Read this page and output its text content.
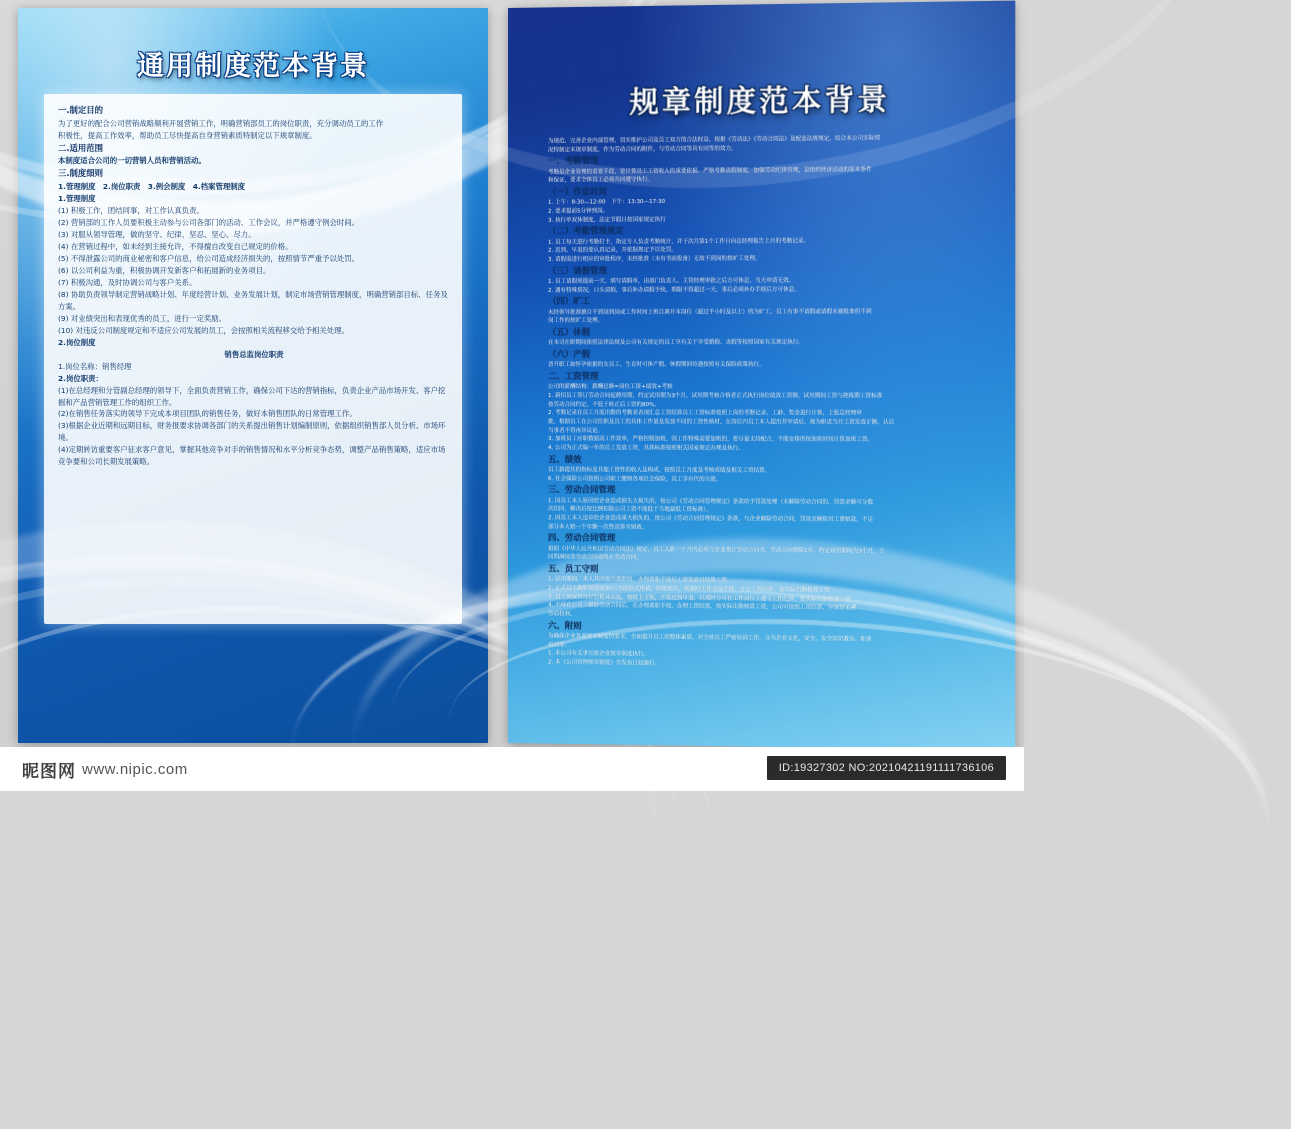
通用制度范本背景

一.制定目的

为了更好的配合公司营销战略顺利开展营销工作，明确营销部员工的岗位职责，充分调动员工的工作

积极性，提高工作效率，帮助员工尽快提高自身营销素质特制定以下规章制度。

二.适用范围

本制度适合公司的一切营销人员和营销活动。

三.制度细则

1.管理制度　2.岗位职责　3.例会制度　4.档案管理制度

1.管理制度

(1) 积极工作，团结同事，对工作认真负责。

(2) 营销部的工作人员要积极主动参与公司各部门的活动、工作会议，并严格遵守例会时间。

(3) 对服从领导管理，做的坚守、纪律、坚忍、坚心、尽力。

(4) 在营销过程中，如未经到主接允许，不得擅自改变自己规定的价格。

(5) 不得泄露公司的商业秘密和客户信息，给公司造成经济损失的，按照情节严重予以处罚。

(6) 以公司利益为重，积极协调开发新客户和拓展新的业务项目。

(7) 积极沟通，及时协调公司与客户关系。

(8) 协助负责领导制定营销战略计划、年度经营计划、业务发展计划，制定市场营销管理制度，明确营销部目标、任务及方案。

(9) 对业绩突出和表现优秀的员工，进行一定奖励。

(10) 对违反公司制度规定和不适应公司发展的员工，会按照相关流程移交给予相关处理。

2.岗位制度

销售总监岗位职责

1.岗位名称：销售经理

2.岗位职责：

(1)在总经理和分管副总经理的领导下，全面负责营销工作，确保公司下达的营销指标，负责企业产品市场开发、客户挖掘和产品营销管理工作的组织工作。

(2)在销售任务落实的领导下完成本项目团队的销售任务，做好本销售团队的日常管理工作。

(3)根据企业近期和远期目标，财务报要求协调各部门的关系提出销售计划编制原则，依据组织销售部人员分析、市场环境。

(4)定期转访重要客户征求客户意见，掌握其他竞争对手的销售情况和水平分析竞争态势，调整产品销售策略，适应市场竞争要和公司长期发展策略。

规章制度范本背景

为规范、完善企业内部管理，切实维护公司及员工双方的合法权益，根据《劳动法》《劳动合同法》及配套法规规定，结合本公司实际情

况特制定本规章制度，作为劳动合同的附件，与劳动合同等具有同等的效力。

一、考勤管理

考勤是企业管理的重要手段，是计算员工工资收入的重要依据。严格考勤请假制度，加强劳动纪律管理，是组织经济活动的基本条件

和保证，要求全体员工必须共同遵守执行。

（一）作息时间

1. 上午：8:30—12:00　下午：13:30—17:30

2. 要求提前5分钟到岗。

3. 执行单双休制度，法定节假日按国家规定执行

（二）考勤管理规定

1. 员工每天进行考勤打卡，指定专人负责考勤统计，并于次月第1个工作日向总经理报告上月的考勤记录。

2. 迟到、早退的要认真记录，并依据规定予以处罚。

3. 请假需进行相应的审批程序，未经批准（未有书面报备）无故不到岗的按旷工处理。

（三）请假管理

1. 员工请假须提前一天，填写请假单，由部门负责人、主管经理审批之后方可休息，当天申请无效。

2. 遇有特殊情况，口头请假，事后补办请假手续，期限不得超过一天，事后必须补办手续后方可休息。

（四）旷工

未经领导批准擅自不到岗到岗或工作时间上班自离开本岗位（超过半小时及以上）的为旷工。员工有事不请假或请假未被批准但不到

岗工作的按旷工处理。

（五）休假

在本司在职期间依照法律法规及公司有关规定的员工享有关于享受婚假、丧假等按照国家有关规定执行。

（六）产假

晋升职工如怀孕依据的女员工，生育时可休产假、休假期间待遇按照有关保险政策执行。

二、工资管理

公司的薪酬结构：薪酬总额=岗位工资+绩效+考核

1. 新招员工签订劳动合同起聘用期，约定试用期为3个月，试用期考核合格者正式执行岗位绩效工资制，试用期间工资与熟练期工资标准

按劳动合同约定，不低于转正后工资的80%。

2. 考勤记录在员工月度出勤的考勤表表现汇总工资结算员工工资标准按照上岗的考勤记录、工龄、奖金进行计算，上报总经理审

批。根据员工在公司任职及员工的具体工作量及发放不同的工资性核材，在岗位内员工本人提出并申请后，视为职责当月工资发放正额，认后

当事者不得再异议论。

3. 加班员工应职数据高工作效率，严格控制加班，因工作特殊需要加班的，要尽量支持配合，不能安排的按加班时间计算加班工资。

4. 公司为正式编一年的员工发放工资，具体标准按照相关国家规定办理及执行。

五、绩效

员工薪提其的指标及其他工资性的收入及构成，按照员工月度及考核成绩及相关工资结算。

6. 社会保险公司按照公司职工缴纳各项社会保险，员工享有代的自愿。

三、劳动合同管理

1. 因员工本人原因给企业造成损失大损失的，按公司《劳动合同管理规定》条款给予罚款处理（未解除劳动合同的，罚款金额可分数

次扣回，解决后按比例扣除公司工资不能低于当地最低工资标准）。

2. 因员工本人违章给企业造成重大损失的，按公司《劳动合同管理规定》条款，与企业解除劳动合同，罚款金额除用工费赔款，不足

部分本人赔一个年额一次性清算至财政。

四、劳动合同管理

根据《中华人民共和国劳动合同法》规定，员工入职一个月内必须与企业签订劳动合同书，劳动合同期限1年。约定试用期间为3个月，合

同期满续签劳动合同或终止劳动合同。

五、员工守则

1. 试用期间，本人其因提出离职的，办理离职手续后工资发放日结算工资。

2. 正式员工离职须提前30日书面形式申请，经批准后，须离时工作交接手续，办完工资结算，按实际出勤核算工资

3. 员工须保持良好的精神面貌，按时上下班，不得迟到早退，以端时方可在工作岗位上遵守工作纪律，按实际出勤核算工资

4. 不得在公司工解除劳动合同后，在办理离职手续，办理工资结算，按实际出勤核算工资，公司可按照工资结算，应保留追溯

劳动权利。

六、附则

为确保企业各项规章制度的要求，全面提升员工的整体素质，对全体员工严密培训工作，分为企业文化，安全、安全知识教育、职业

培训等。

1. 本公司有关事宜依企业规章制度执行。

2. 本《公司管理规章制度》自发布日起施行。

昵图网 www.nipic.com	ID:19327302 NO:20210421191111736106
